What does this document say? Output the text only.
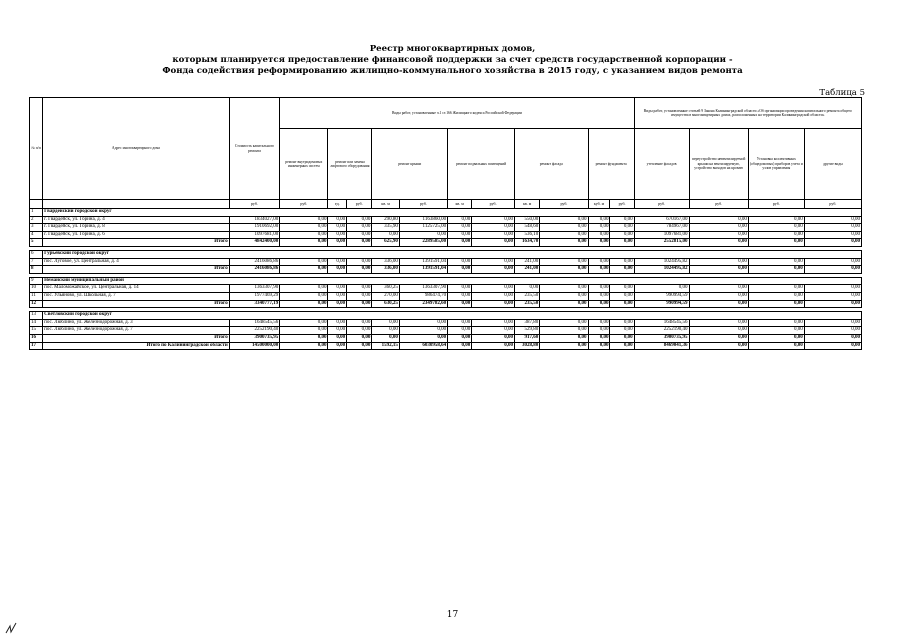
Реестр многоквартирных домов,
которым планируется предоставление финансовой поддержки за счет средств государственной корпорации -
Фонда содействия реформированию жилищно-коммунального хозяйства в 2015 году, с указанием видов ремонта
Таблица 5
№ п/п	Адрес многоквартирного дома	Стоимость капитального ремонта	Виды работ, установленные ч.1 ст.166 Жилищного кодекса Российской Федерации											Виды работ, установленные статьей 9 Закона Калининградской области «Об организации проведения капитального ремонта общего имущества в многоквартирных домах, расположенных на территории Калининградской области»			
			ремонт внутридомовых инженерных систем	ремонт или замена лифтового оборудования		ремонт крыши		ремонт подвальных помещений		ремонт фасада		ремонт фундамента		утепление фасадов	переустройство невентилируемой крыши на вентилируемую, устройство выходов на кровлю	Установка коллективных (общедомовых) приборов учета и узлов управления	другие виды
		руб.	руб.	ед.	руб.	кв. м	руб.	кв. м	руб.	кв. м	руб.	куб. м	руб.	руб.	руб.	руб.	руб.
1	Гвардейский городской округ																
2	г. Гвардейск, ул. Горина, д. 4	1834027,00	0,00	0,00	0,00	290,80	1163860,00	0,00	0,00	550,00	0,00	0,00	0,00	670167,00	0,00	0,00	0,00
3	г. Гвардейск, ул. Горина, д. 8	1910692,00	0,00	0,00	0,00	335,90	1125725,00	0,00	0,00	548,60	0,00	0,00	0,00	784967,00	0,00	0,00	0,00
4	г. Гвардейск, ул. Горина, д. 6	1097681,00	0,00	0,00	0,00	0,00	0,00	0,00	0,00	536,10	0,00	0,00	0,00	1097681,00	0,00	0,00	0,00
5	Итого	4842400,00	0,00	0,00	0,00	625,90	2289585,00	0,00	0,00	1634,70	0,00	0,00	0,00	2552815,00	0,00	0,00	0,00

6	Гурьевский городской округ																
7	пос. Луговое, ул. Центральная, д. 4	2416086,86	0,00	0,00	0,00	336,00	1391591,04	0,00	0,00	241,00	0,00	0,00	0,00	1024495,82	0,00	0,00	0,00
8	Итого	2416086,86	0,00	0,00	0,00	336,00	1391591,04	0,00	0,00	241,00	0,00	0,00	0,00	1024495,82	0,00	0,00	0,00

9	Неманский муниципальный район																
10	пос. Маломожайское, ул. Центральная, д. 14	1363307,90	0,00	0,00	0,00	360,25	1363307,90	0,00	0,00	0,00	0,00	0,00	0,00	0,00	0,00	0,00	0,00
11	пос. Ульяново, ул. Школьная, д. 7	1977469,29	0,00	0,00	0,00	270,00	986474,70	0,00	0,00	235,50	0,00	0,00	0,00	990994,59	0,00	0,00	0,00
12	Итого	3340777,19	0,00	0,00	0,00	630,25	2349782,60	0,00	0,00	235,50	0,00	0,00	0,00	990994,59	0,00	0,00	0,00

13	Светловский городской округ																
14	пос. Люблино, ул. Железнодорожная, д. 3	1648545,56	0,00	0,00	0,00	0,00	0,00	0,00	0,00	387,80	0,00	0,00	0,00	1648545,56	0,00	0,00	0,00
15	пос. Люблино, ул. Железнодорожная, д. 7	2252190,40	0,00	0,00	0,00	0,00	0,00	0,00	0,00	529,80	0,00	0,00	0,00	2252190,40	0,00	0,00	0,00
16	Итого	3900735,95	0,00	0,00	0,00	0,00	0,00	0,00	0,00	917,60	0,00	0,00	0,00	3900735,95	0,00	0,00	0,00
17	Итого по Калининградской области	14500000,00	0,00	0,00	0,00	1592,15	6030958,64	0,00	0,00	3028,80	0,00	0,00	0,00	8469041,36	0,00	0,00	0,00
17
